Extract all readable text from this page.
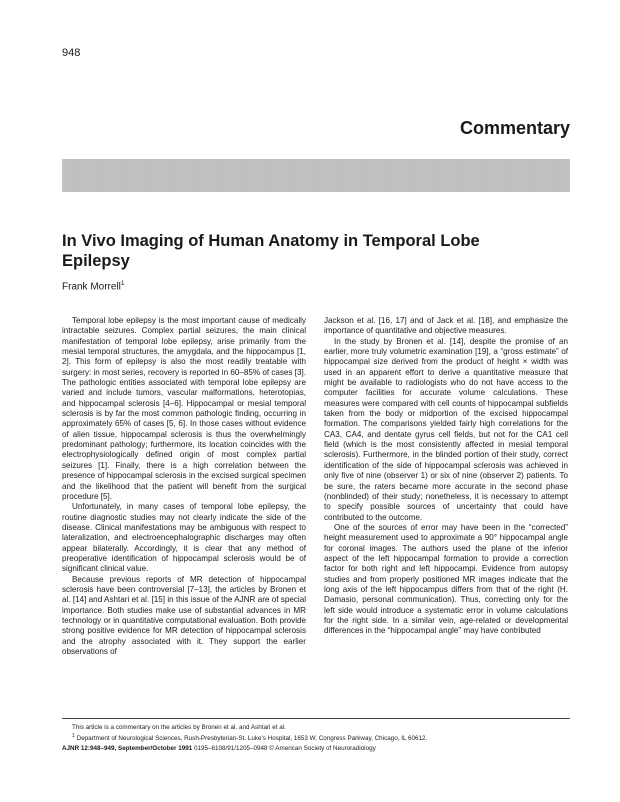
948
Commentary
In Vivo Imaging of Human Anatomy in Temporal Lobe Epilepsy
Frank Morrell$^1$

Temporal lobe epilepsy is the most important cause of medically intractable seizures. Complex partial seizures, the main clinical manifestation of temporal lobe epilepsy, arise primarily from the mesial temporal structures, the amygdala, and the hippocampus [1, 2]. This form of epilepsy is also the most readily treatable with surgery: in most series, recovery is reported in 60–85% of cases [3]. The pathologic entities associated with temporal lobe epilepsy are varied and include tumors, vascular malformations, heterotopias, and hippocampal sclerosis [4–6]. Hippocampal or mesial temporal sclerosis is by far the most common pathologic finding, occurring in approximately 65% of cases [5, 6]. In those cases without evidence of alien tissue, hippocampal sclerosis is thus the overwhelmingly predominant pathology; furthermore, its location coincides with the electrophysiologically defined origin of most complex partial seizures [1]. Finally, there is a high correlation between the presence of hippocampal sclerosis in the excised surgical specimen and the likelihood that the patient will benefit from the surgical procedure [5].

Unfortunately, in many cases of temporal lobe epilepsy, the routine diagnostic studies may not clearly indicate the side of the disease. Clinical manifestations may be ambiguous with respect to lateralization, and electroencephalographic discharges may often appear bilaterally. Accordingly, it is clear that any method of preoperative identification of hippocampal sclerosis would be of significant clinical value.

Because previous reports of MR detection of hippocampal sclerosis have been controversial [7–13], the articles by Bronen et al. [14] and Ashtari et al. [15] in this issue of the AJNR are of special importance. Both studies make use of substantial advances in MR technology or in quantitative computational evaluation. Both provide strong positive evidence for MR detection of hippocampal sclerosis and the atrophy associated with it. They support the earlier observations of

Jackson et al. [16, 17] and of Jack et al. [18], and emphasize the importance of quantitative and objective measures.

In the study by Bronen et al. [14], despite the promise of an earlier, more truly volumetric examination [19], a “gross estimate” of hippocampal size derived from the product of height × width was used in an apparent effort to derive a quantitative measure that might be available to radiologists who do not have access to the computer facilities for accurate volume calculations. These measures were compared with cell counts of hippocampal subfields taken from the body or midportion of the excised hippocampal formation. The comparisons yielded fairly high correlations for the CA3, CA4, and dentate gyrus cell fields, but not for the CA1 cell field (which is the most consistently affected in mesial temporal sclerosis). Furthermore, in the blinded portion of their study, correct identification of the side of hippocampal sclerosis was achieved in only five of nine (observer 1) or six of nine (observer 2) patients. To be sure, the raters became more accurate in the second phase (nonblinded) of their study; nonetheless, it is necessary to attempt to specify possible sources of uncertainty that could have contributed to the outcome.

One of the sources of error may have been in the “corrected” height measurement used to approximate a 90° hippocampal angle for coronal images. The authors used the plane of the inferior aspect of the left hippocampal formation to provide a correction factor for both right and left hippocampi. Evidence from autopsy studies and from properly positioned MR images indicate that the long axis of the left hippocampus differs from that of the right (H. Damasio, personal communication). Thus, correcting only for the left side would introduce a systematic error in volume calculations for the right side. In a similar vein, age-related or developmental differences in the “hippocampal angle” may have contributed

This article is a commentary on the articles by Bronen et al. and Ashtari et al.
$^1$ Department of Neurological Sciences, Rush-Presbyterian-St. Luke’s Hospital, 1653 W. Congress Parkway, Chicago, IL 60612.
AJNR 12:948–949, September/October 1991 0195–6108/91/1205–0948 © American Society of Neuroradiology
